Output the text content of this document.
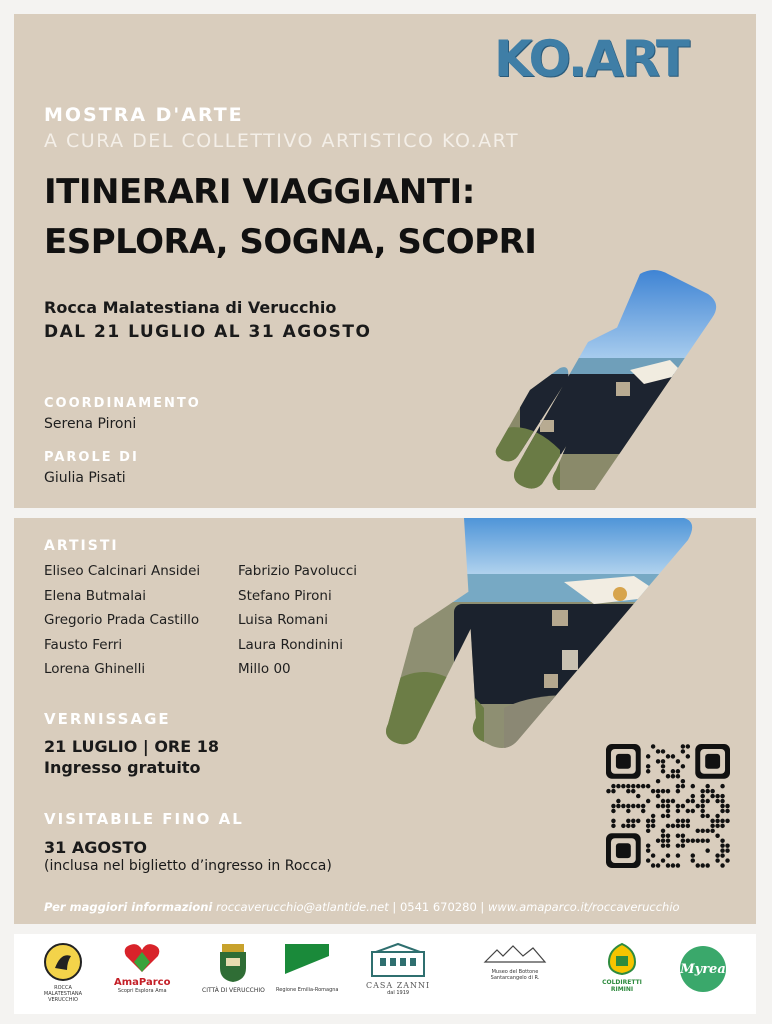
KO.ART
MOSTRA D'ARTE
A CURA DEL COLLETTIVO ARTISTICO KO.ART
ITINERARI VIAGGIANTI:
ESPLORA, SOGNA, SCOPRI
Rocca Malatestiana di Verucchio
DAL 21 LUGLIO AL 31 AGOSTO
COORDINAMENTO
Serena Pironi
PAROLE DI
Giulia Pisati
ARTISTI
Eliseo Calcinari Ansidei
Elena Butmalai
Gregorio Prada Castillo
Fausto Ferri
Lorena Ghinelli
Fabrizio Pavolucci
Stefano Pironi
Luisa Romani
Laura Rondinini
Millo 00
VERNISSAGE
21 LUGLIO | ORE 18
Ingresso gratuito
VISITABILE FINO AL
31 AGOSTO
(inclusa nel biglietto d’ingresso in Rocca)
Per maggiori informazioni roccaverucchio@atlantide.net | 0541 670280 | www.amaparco.it/roccaverucchio
ROCCA MALATESTIANA VERUCCHIO
AmaParco
Scopri Esplora Ama	CITTÀ DI VERUCCHIO Regione Emilia-Romagna	CASA ZANNI
dal 1919
Museo del Bottone Santarcangelo di R.
COLDIRETTI RIMINI
Myrea
